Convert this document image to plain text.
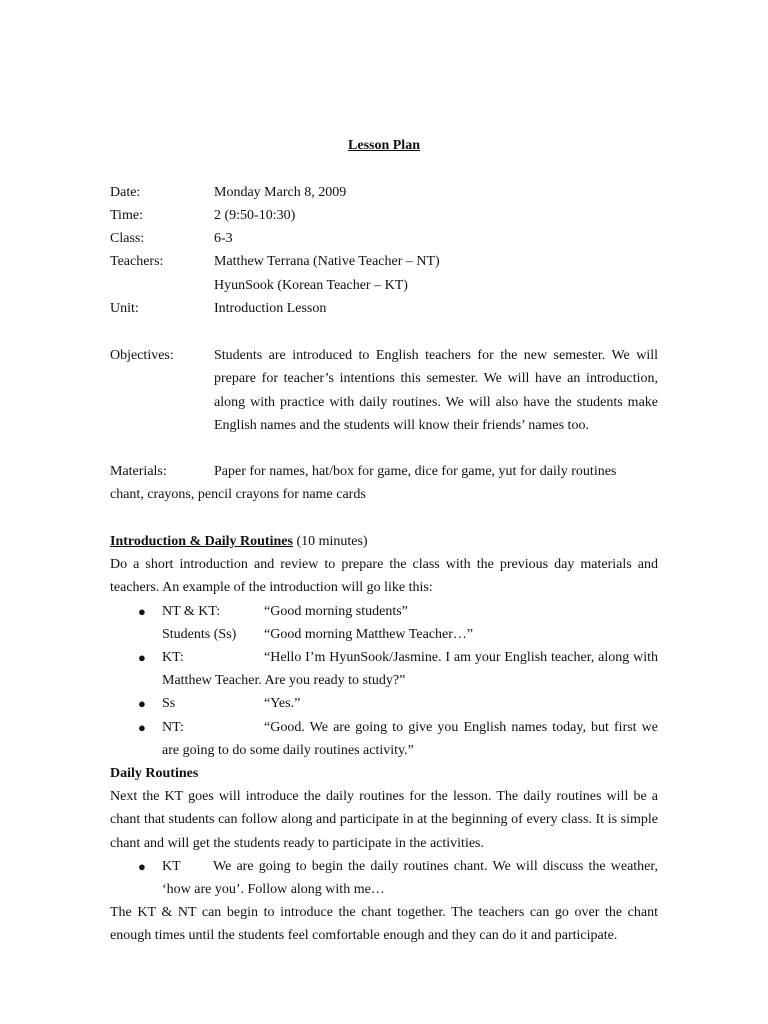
Lesson Plan
Date:	Monday March 8, 2009
Time:	2 (9:50-10:30)
Class:	6-3
Teachers:	Matthew Terrana (Native Teacher – NT)
HyunSook (Korean Teacher – KT)
Unit:	Introduction Lesson
Objectives:	Students are introduced to English teachers for the new semester. We will prepare for teacher’s intentions this semester. We will have an introduction, along with practice with daily routines. We will also have the students make English names and the students will know their friends’ names too.
Materials:	Paper for names, hat/box for game, dice for game, yut for daily routines
chant, crayons, pencil crayons for name cards
Introduction & Daily Routines (10 minutes)
Do a short introduction and review to prepare the class with the previous day materials and teachers. An example of the introduction will go like this:
● NT & KT:	“Good morning students”
Students (Ss) “Good morning Matthew Teacher…”
● KT:	“Hello I’m HyunSook/Jasmine. I am your English teacher, along with Matthew Teacher. Are you ready to study?”
● Ss	“Yes.”
● NT:	“Good. We are going to give you English names today, but first we are going to do some daily routines activity.”
Daily Routines
Next the KT goes will introduce the daily routines for the lesson. The daily routines will be a chant that students can follow along and participate in at the beginning of every class. It is simple chant and will get the students ready to participate in the activities.
● KT	We are going to begin the daily routines chant. We will discuss the weather, ‘how are you’. Follow along with me…
The KT & NT can begin to introduce the chant together. The teachers can go over the chant enough times until the students feel comfortable enough and they can do it and participate.
